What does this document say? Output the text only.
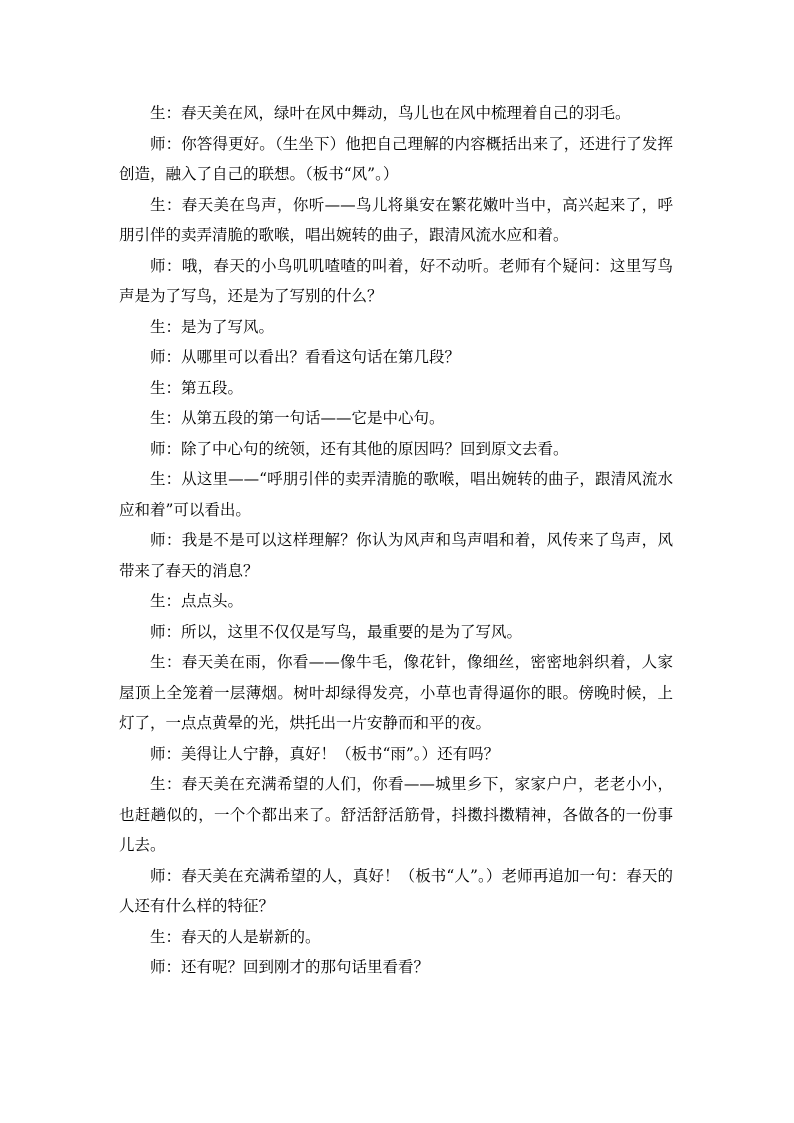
生：春天美在风，绿叶在风中舞动，鸟儿也在风中梳理着自己的羽毛。

师：你答得更好。（生坐下）他把自己理解的内容概括出来了，还进行了发挥创造，融入了自己的联想。（板书“风”。）

生：春天美在鸟声，你听——鸟儿将巢安在繁花嫩叶当中，高兴起来了，呼朋引伴的卖弄清脆的歌喉，唱出婉转的曲子，跟清风流水应和着。

师：哦，春天的小鸟叽叽喳喳的叫着，好不动听。老师有个疑问：这里写鸟声是为了写鸟，还是为了写别的什么？

生：是为了写风。

师：从哪里可以看出？看看这句话在第几段？

生：第五段。

生：从第五段的第一句话——它是中心句。

师：除了中心句的统领，还有其他的原因吗？回到原文去看。

生：从这里——“呼朋引伴的卖弄清脆的歌喉，唱出婉转的曲子，跟清风流水应和着”可以看出。

师：我是不是可以这样理解？你认为风声和鸟声唱和着，风传来了鸟声，风带来了春天的消息？

生：点点头。

师：所以，这里不仅仅是写鸟，最重要的是为了写风。

生：春天美在雨，你看——像牛毛，像花针，像细丝，密密地斜织着，人家屋顶上全笼着一层薄烟。树叶却绿得发亮，小草也青得逼你的眼。傍晚时候，上灯了，一点点黄晕的光，烘托出一片安静而和平的夜。

师：美得让人宁静，真好！（板书“雨”。）还有吗？

生：春天美在充满希望的人们，你看——城里乡下，家家户户，老老小小，也赶趟似的，一个个都出来了。舒活舒活筋骨，抖擞抖擞精神，各做各的一份事儿去。

师：春天美在充满希望的人，真好！（板书“人”。）老师再追加一句：春天的人还有什么样的特征？

生：春天的人是崭新的。

师：还有呢？回到刚才的那句话里看看？
